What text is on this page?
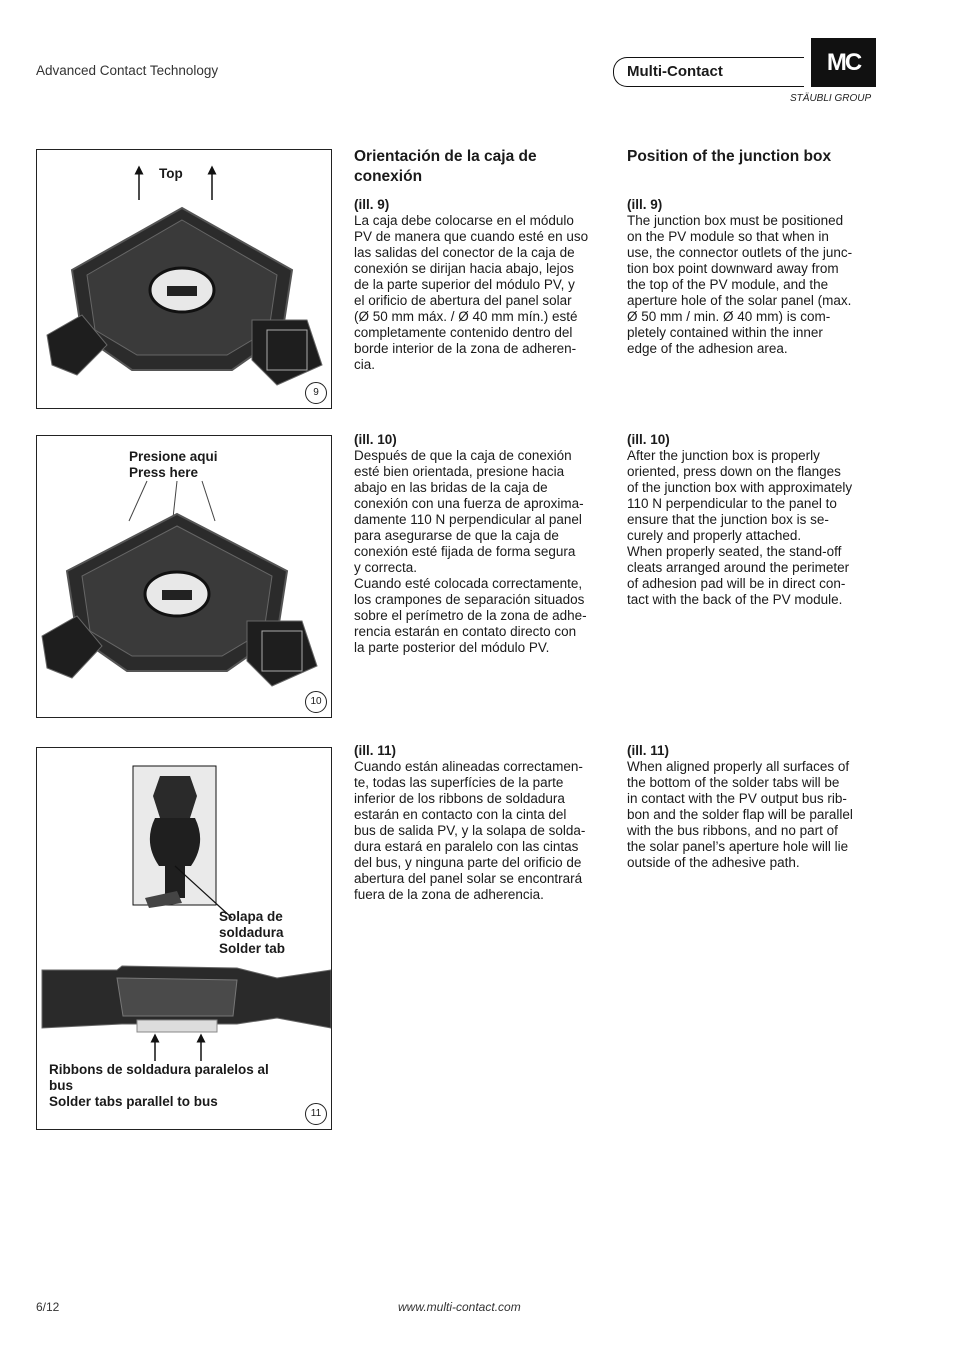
Advanced Contact Technology	Multi-Contact	MC
STÄUBLI GROUP
Top
9

Orientación de la caja de conexión

(ill. 9)

La caja debe colocarse en el módulo
PV de manera que cuando esté en uso
las salidas del conector de la caja de
conexión se dirijan hacia abajo, lejos
de la parte superior del módulo PV, y
el orificio de abertura del panel solar
(Ø 50 mm máx. / Ø 40 mm mín.) esté
completamente contenido dentro del
borde interior de la zona de adheren-
cia.

Position of the junction box

(ill. 9)

The junction box must be positioned
on the PV module so that when in
use, the connector outlets of the junc-
tion box point downward away from
the top of the PV module, and the
aperture hole of the solar panel (max.
Ø 50 mm / min. Ø 40 mm) is com-
pletely contained within the inner
edge of the adhesion area.

Presione aqui
Press here
10

(ill. 10)

Después de que la caja de conexión
esté bien orientada, presione hacia
abajo en las bridas de la caja de
conexión con una fuerza de aproxima-
damente 110 N perpendicular al panel
para asegurarse de que la caja de
conexión esté fijada de forma segura
y correcta.
Cuando esté colocada correctamente,
los crampones de separación situados
sobre el perímetro de la zona de adhe-
rencia estarán en contato directo con
la parte posterior del módulo PV.

(ill. 10)

After the junction box is properly
oriented, press down on the flanges
of the junction box with approximately
110 N perpendicular to the panel to
ensure that the junction box is se-
curely and properly attached.
When properly seated, the stand-off
cleats arranged around the perimeter
of adhesion pad will be in direct con-
tact with the back of the PV module.

Solapa de
soldadura
Solder tab
Ribbons de soldadura paralelos al
bus
Solder tabs parallel to bus
11

(ill. 11)

Cuando están alineadas correctamen-
te, todas las superfícies de la parte
inferior de los ribbons de soldadura
estarán en contacto con la cinta del
bus de salida PV, y la solapa de solda-
dura estará en paralelo con las cintas
del bus, y ninguna parte del orificio de
abertura del panel solar se encontrará
fuera de la zona de adherencia.

(ill. 11)

When aligned properly all surfaces of
the bottom of the solder tabs will be
in contact with the PV output bus rib-
bon and the solder flap will be parallel
with the bus ribbons, and no part of
the solar panel’s aperture hole will lie
outside of the adhesive path.

6/12	www.multi-contact.com
